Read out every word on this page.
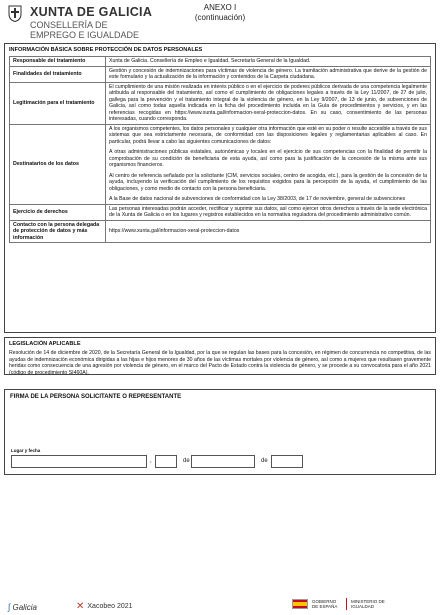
XUNTA DE GALICIA
CONSELLERÍA DE
EMPREGO E IGUALDADE
ANEXO I
(continuación)
INFORMACIÓN BÁSICA SOBRE PROTECCIÓN DE DATOS PERSONALES
Responsable del tratamiento	Xunta de Galicia. Consellería de Empleo e Igualdad. Secretaría General de la Igualdad.

Finalidades del tratamiento	Gestión y concesión de indemnizaciones para víctimas de violencia de género. La tramitación administrativa que derive de la gestión de este formulario y la actualización de la información y contenidos de la Carpeta ciudadana.

Legitimación para el tratamiento	El cumplimiento de una misión realizada en interés público o en el ejercicio de poderes públicos derivada de una competencia legalmente atribuida al responsable del tratamiento, así como el cumplimiento de obligaciones legales a través de la Ley 11/2007, de 27 de julio, gallega para la prevención y el tratamiento integral de la violencia de género, en la Ley 9/2007, de 13 de junio, de subvenciones de Galicia, así como todas aquella indicada en la ficha del procedimiento incluida en la Guía de procedimientos y servicios, y en las referencias recogidas en https://www.xunta.gal/informacion-xeral-proteccion-datos. En su caso, consentimiento de las personas interesadas, cuando corresponda.

Destinatarios de los datos	A los organismos competentes, los datos personales y cualquier otra información que esté en su poder o resulte accesible a través de sus sistemas que sea estrictamente necesaria, de conformidad con las disposiciones legales y reglamentarias aplicables al caso. En particular, podrá llevar a cabo las siguientes comunicaciones de datos:
A otras administraciones públicas estatales, autonómicas y locales en el ejercicio de sus competencias con la finalidad de permitir la comprobación de su condición de beneficiaria de esta ayuda, así como para la justificación de la concesión de la misma ante sus organismos financieros.
Al centro de referencia señalado por la solicitante (CIM, servicios sociales, centro de acogida, etc.), para la gestión de la concesión de la ayuda, incluyendo la verificación del cumplimiento de los requisitos exigidos para la percepción de la ayuda, el cumplimiento de las obligaciones, y como medio de contacto con la persona beneficiaria.
A la Base de datos nacional de subvenciones de conformidad con la Ley 38/2003, de 17 de noviembre, general de subvenciones

Ejercicio de derechos	Las personas interesadas podrán acceder, rectificar y suprimir sus datos, así como ejercer otros derechos a través de la sede electrónica de la Xunta de Galicia o en los lugares y registros establecidos en la normativa reguladora del procedimiento administrativo común.

Contacto con la persona delegada de protección de datos y más información	https://www.xunta.gal/informacion-xeral-proteccion-datos
LEGISLACIÓN APLICABLE
Resolución de 14 de diciembre de 2020, de la Secretaría General de la Igualdad, por la que se regulan las bases para la concesión, en régimen de concurrencia no competitiva, de las ayudas de indemnización económica dirigidas a las hijas e hijos menores de 30 años de las víctimas mortales por violencia de género, así como a mujeres que resultasen gravemente heridas como consecuencia de una agresión por violencia de género, en el marco del Pacto de Estado contra la violencia de género, y se procede a su convocatoria para el año 2021 (código de procedimiento SI460A).
FIRMA DE LA PERSONA SOLICITANTE O REPRESENTANTE
Lugar y fecha
,	de	de
∫ Galicia	✕ Xacobeo 2021
GOBIERNO DE ESPAÑA
MINISTERIO DE IGUALDAD
